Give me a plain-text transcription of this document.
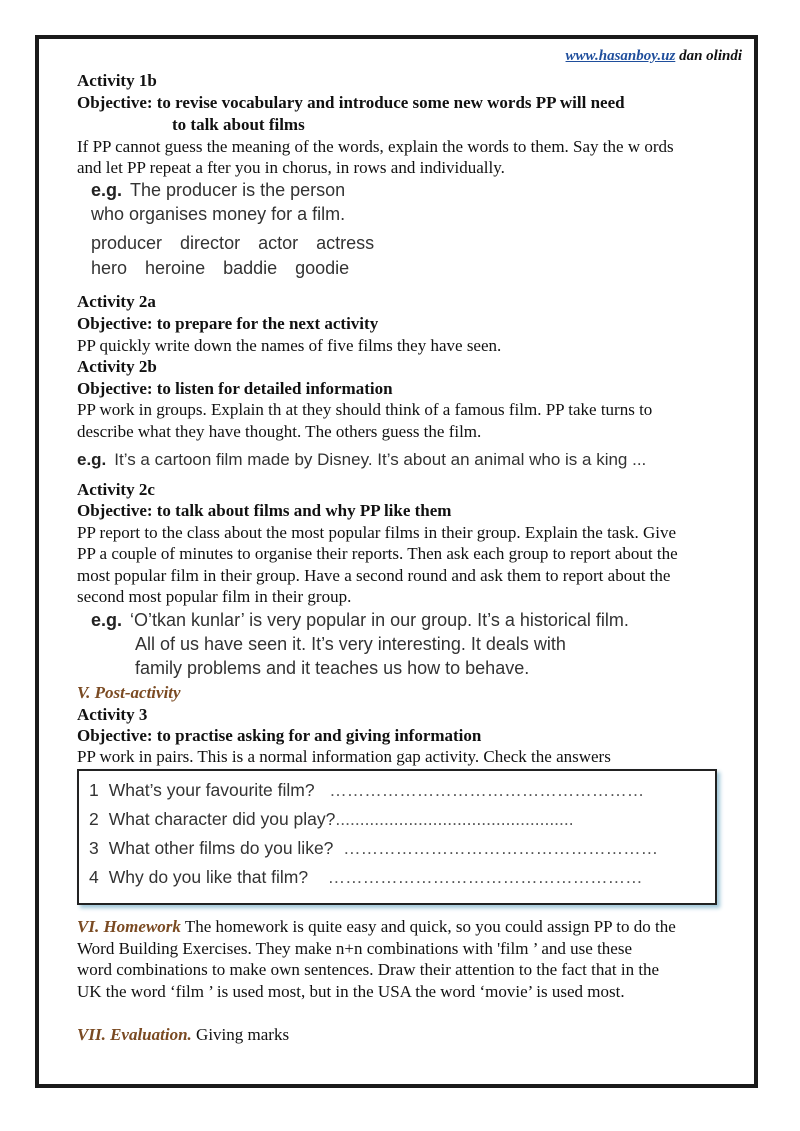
www.hasanboy.uz dan olindi
Activity 1b
Objective: to revise vocabulary and introduce some new words PP will need
to talk about films
If PP cannot guess the meaning of the words, explain the words to them. Say the w ords
and let PP repeat a fter you in chorus, in rows and individually.
e.g. The producer is the person
who organises money for a film.
producer director actor actress
hero heroine baddie goodie
Activity 2a
Objective: to prepare for the next activity
PP quickly write down the names of five films they have seen.
Activity 2b
Objective: to listen for detailed information
PP work in groups. Explain th at they should think of a famous film. PP take turns to
describe what they have thought. The others guess the film.
e.g. It’s a cartoon film made by Disney. It’s about an animal who is a king ...
Activity 2c
Objective: to talk about films and why PP like them
PP report to the class about the most popular films in their group. Explain the task. Give
PP a couple of minutes to organise their reports. Then ask each group to report about the
most popular film in their group. Have a second round and ask them to report about the
second most popular film in their group.
e.g. ‘O’tkan kunlar’ is very popular in our group. It’s a historical film.
All of us have seen it. It’s very interesting. It deals with
family problems and it teaches us how to behave.
V. Post-activity
Activity 3
Objective: to practise asking for and giving information
PP work in pairs. This is a normal information gap activity. Check the answers
1 What’s your favourite film? ………………………………………………
2 What character did you play?.................................................
3 What other films do you like? ………………………………………………
4 Why do you like that film? ………………………………………………
VI. Homework The homework is quite easy and quick, so you could assign PP to do the
Word Building Exercises. They make n+n combinations with 'film ’ and use these
word combinations to make own sentences. Draw their attention to the fact that in the
UK the word ‘film ’ is used most, but in the USA the word ‘movie’ is used most.
VII. Evaluation. Giving marks
